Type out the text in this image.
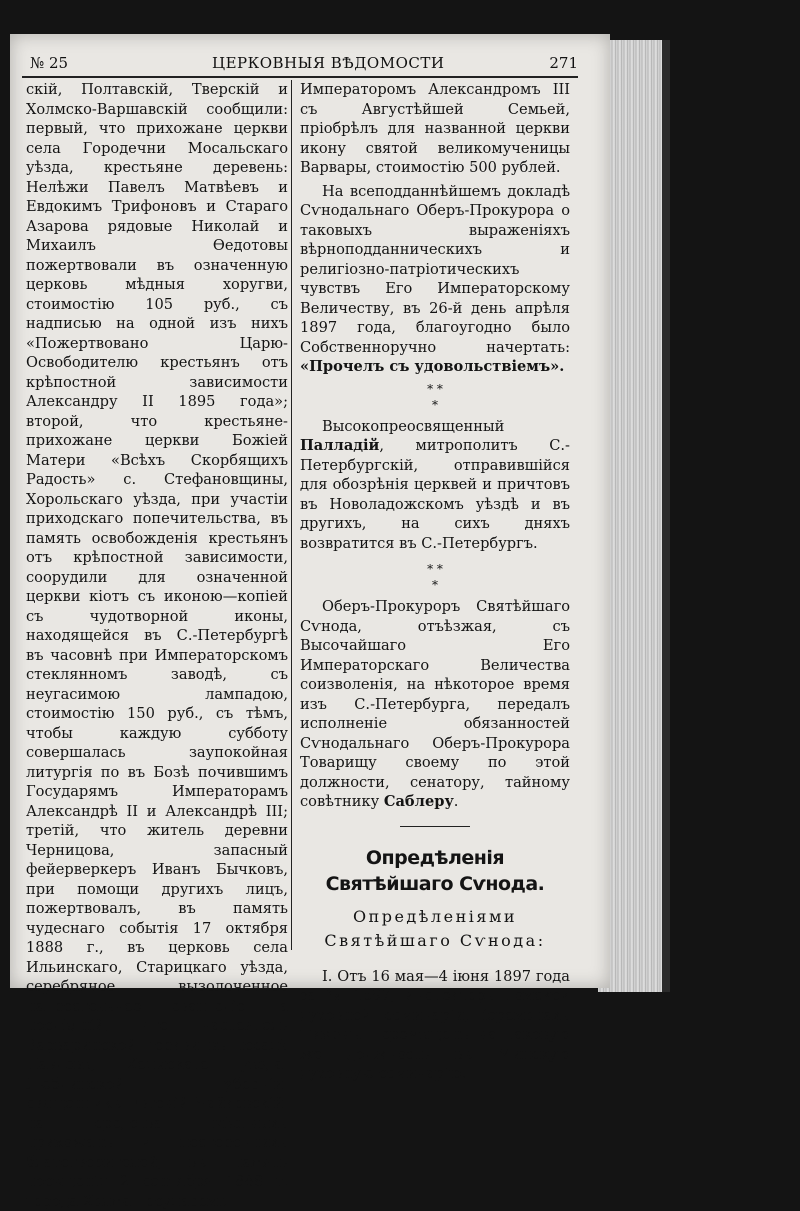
№ 25	ЦЕРКОВНЫЯ ВѢДОМОСТИ	271

скій, Полтавскій, Тверскій и Холмско-Варшавскій сообщили: первый, что прихожане церкви села Городечни Мосальскаго уѣзда, крестьяне деревень: Нелѣжи Павелъ Матвѣевъ и Евдокимъ Трифоновъ и Стараго Азарова рядовые Николай и Михаилъ Ѳедотовы пожертвовали въ означенную церковь мѣдныя хоругви, стоимостію 105 руб., съ надписью на одной изъ нихъ «Пожертвовано Царю-Освободителю крестьянъ отъ крѣпостной зависимости Александру II 1895 года»; второй, что крестьяне-прихожане церкви Божіей Матери «Всѣхъ Скорбящихъ Радость» с. Стефановщины, Хорольскаго уѣзда, при участіи приходскаго попечительства, въ память освобожденія крестьянъ отъ крѣпостной зависимости, соорудили для означенной церкви кіотъ съ иконою—копіей съ чудотворной иконы, находящейся въ С.-Петербургѣ въ часовнѣ при Императорскомъ стеклянномъ заводѣ, съ неугасимою лампадою, стоимостію 150 руб., съ тѣмъ, чтобы каждую субботу совершалась заупокойная литургія по въ Бозѣ почившимъ Государямъ Императорамъ Александрѣ II и Александрѣ III; третій, что житель деревни Черницова, запасный фейерверкеръ Иванъ Бычковъ, при помощи другихъ лицъ, пожертвовалъ, въ память чудеснаго событія 17 октября 1888 г., въ церковь села Ильинскаго, Старицкаго уѣзда, серебряное вызолоченное напрестольное евангеліе, а послѣдній, что настоятель Варваринской церкви въ посадѣ Павловѣ, Холмскаго уѣзда, Люблинской губерніи, священникъ Евгеній Чайковскій, на средства мѣстныхъ прихожанъ и постороннихъ благотворителей, въ память посѣщенія 2 сентября 1888 г. города Холма Государемъ

Императоромъ Александромъ III съ Августѣйшей Семьей, пріобрѣлъ для названной церкви икону святой великомученицы Варвары, стоимостію 500 рублей.

На всеподданнѣйшемъ докладѣ Сѵнодальнаго Оберъ-Прокурора о таковыхъ выраженіяхъ вѣрноподданническихъ и религіозно-патріотическихъ чувствъ Его Императорскому Величеству, въ 26-й день апрѣля 1897 года, благоугодно было Собственноручно начертать: «Прочелъ съ удовольствіемъ».

* *
*

Высокопреосвященный Палладій, митрополитъ С.-Петербургскій, отправившійся для обозрѣнія церквей и причтовъ въ Новоладожскомъ уѣздѣ и въ другихъ, на сихъ дняхъ возвратится въ С.-Петербургъ.

* *
*

Оберъ-Прокуроръ Святѣйшаго Сѵнода, отъѣзжая, съ Высочайшаго Его Императорскаго Величества соизволенія, на нѣкоторое время изъ С.-Петербурга, передалъ исполненіе обязанностей Сѵнодальнаго Оберъ-Прокурора Товарищу своему по этой должности, сенатору, тайному совѣтнику Саблеру.

Опредѣленія Святѣйшаго Сѵнода.
Опредѣленіями Святѣйшаго Сѵнода:

I. Отъ 16 мая—4 іюня 1897 года за № 1597, инспекторъ Томской духовной семинаріи, іеромонахъ Тихонъ перемѣщенъ на таковую же должность въ Минскую духовную семинарію.

—
